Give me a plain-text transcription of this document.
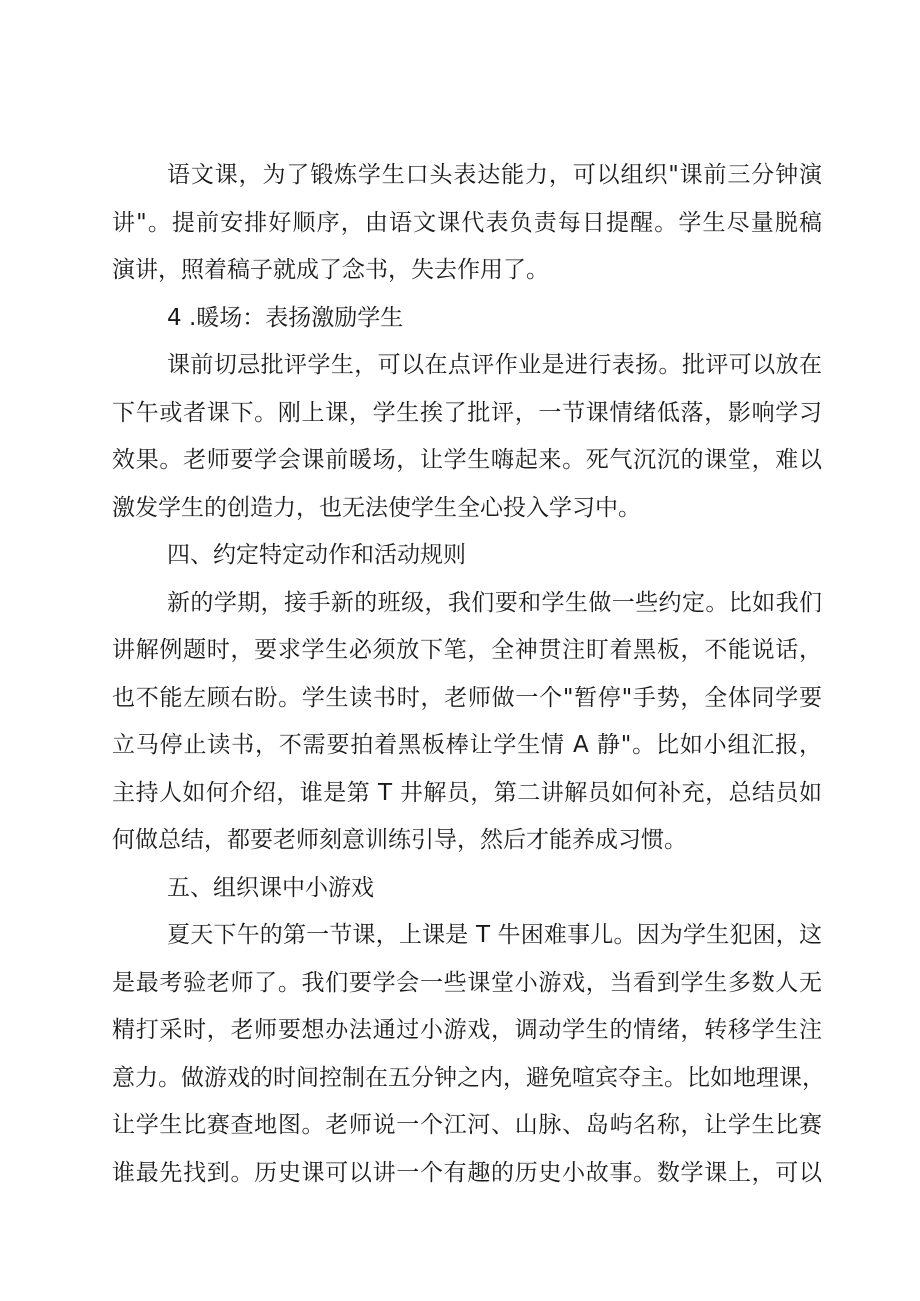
语文课，为了锻炼学生口头表达能力，可以组织"课前三分钟演
讲"。提前安排好顺序，由语文课代表负责每日提醒。学生尽量脱稿
演讲，照着稿子就成了念书，失去作用了。
4 .暖场：表扬激励学生
课前切忌批评学生，可以在点评作业是进行表扬。批评可以放在
下午或者课下。刚上课，学生挨了批评，一节课情绪低落，影响学习
效果。老师要学会课前暖场，让学生嗨起来。死气沉沉的课堂，难以
激发学生的创造力，也无法使学生全心投入学习中。
四、约定特定动作和活动规则
新的学期，接手新的班级，我们要和学生做一些约定。比如我们
讲解例题时，要求学生必须放下笔，全神贯注盯着黑板，不能说话，
也不能左顾右盼。学生读书时，老师做一个"暂停"手势，全体同学要
立马停止读书，不需要拍着黑板棒让学生情 A 静"。比如小组汇报，
主持人如何介绍，谁是第 T 井解员，第二讲解员如何补充，总结员如
何做总结，都要老师刻意训练引导，然后才能养成习惯。
五、组织课中小游戏
夏天下午的第一节课，上课是 T 牛困难事儿。因为学生犯困，这
是最考验老师了。我们要学会一些课堂小游戏，当看到学生多数人无
精打采时，老师要想办法通过小游戏，调动学生的情绪，转移学生注
意力。做游戏的时间控制在五分钟之内，避免喧宾夺主。比如地理课，
让学生比赛查地图。老师说一个江河、山脉、岛屿名称，让学生比赛
谁最先找到。历史课可以讲一个有趣的历史小故事。数学课上，可以
